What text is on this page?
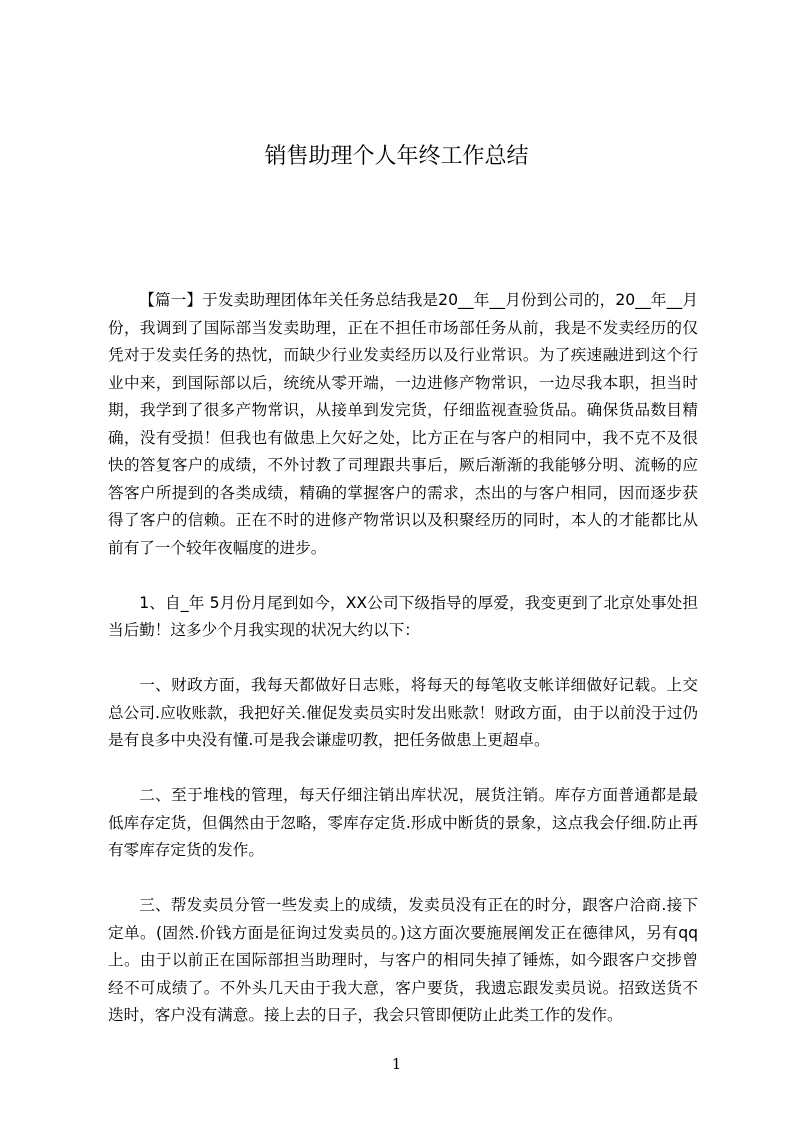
销售助理个人年终工作总结

【篇一】于发卖助理团体年关任务总结我是20__年__月份到公司的，20__年__月份，我调到了国际部当发卖助理，正在不担任市场部任务从前，我是不发卖经历的仅凭对于发卖任务的热忱，而缺少行业发卖经历以及行业常识。为了疾速融进到这个行业中来，到国际部以后，统统从零开端，一边进修产物常识，一边尽我本职，担当时期，我学到了很多产物常识，从接单到发完货，仔细监视查验货品。确保货品数目精确，没有受损！但我也有做患上欠好之处，比方正在与客户的相同中，我不克不及很快的答复客户的成绩，不外讨教了司理跟共事后，厥后渐渐的我能够分明、流畅的应答客户所提到的各类成绩，精确的掌握客户的需求，杰出的与客户相同，因而逐步获得了客户的信赖。正在不时的进修产物常识以及积聚经历的同时，本人的才能都比从前有了一个较年夜幅度的进步。

1、自_年 5月份月尾到如今，XX公司下级指导的厚爱，我变更到了北京处事处担当后勤！这多少个月我实现的状况大约以下：

一、财政方面，我每天都做好日志账，将每天的每笔收支帐详细做好记载。上交总公司.应收账款，我把好关.催促发卖员实时发出账款！财政方面，由于以前没于过仍是有良多中央没有懂.可是我会谦虚叨教，把任务做患上更超卓。

二、至于堆栈的管理，每天仔细注销出库状况，展货注销。库存方面普通都是最低库存定货，但偶然由于忽略，零库存定货.形成中断货的景象，这点我会仔细.防止再有零库存定货的发作。

三、帮发卖员分管一些发卖上的成绩，发卖员没有正在的时分，跟客户洽商.接下定单。(固然.价钱方面是征询过发卖员的。)这方面次要施展阐发正在德律风，另有qq上。由于以前正在国际部担当助理时，与客户的相同失掉了锤炼，如今跟客户交捗曾经不可成绩了。不外头几天由于我大意，客户要货，我遗忘跟发卖员说。招致送货不迭时，客户没有满意。接上去的日子，我会只管即便防止此类工作的发作。

1
